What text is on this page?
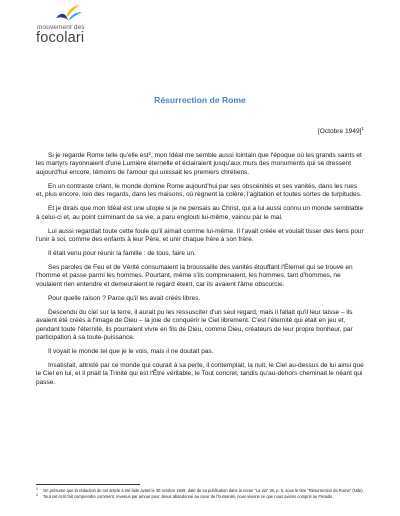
mouvement des
focolari
Résurrection de Rome
[Octobre 1949]$^1$

Si je regarde Rome telle qu'elle est$^2$, mon Idéal me semble aussi lointain que l'époque où les grands saints et les martyrs rayonnaient d'une Lumière éternelle et éclairaient jusqu'aux murs des monuments qui se dressent aujourd'hui encore, témoins de l'amour qui unissait les premiers chrétiens.

En un contraste criant, le monde domine Rome aujourd'hui par ses obscénités et ses vanités, dans les rues et, plus encore, loin des regards, dans les maisons, où règnent la colère, l'agitation et toutes sortes de turpitudes.

Et je dirais que mon Idéal est une utopie si je ne pensais au Christ, qui a lui aussi connu un monde semblable à celui-ci et, au point culminant de sa vie, a paru englouti lui-même, vaincu par le mal.

Lui aussi regardait toute cette foule qu'il aimait comme lui-même. Il l'avait créée et voulait tisser des liens pour l'unir à soi, comme des enfants à leur Père, et unir chaque frère à son frère.

Il était venu pour réunir la famille : de tous, faire un.

Ses paroles de Feu et de Vérité consumaient la broussaille des vanités étouffant l'Éternel qui se trouve en l'homme et passe parmi les hommes. Pourtant, même s'ils comprenaient, les hommes, tant d'hommes, ne voulaient rien entendre et demeuraient le regard éteint, car ils avaient l'âme obscurcie.

Pour quelle raison ? Parce qu'il les avait créés libres.

Descendu du ciel sur la terre, il aurait pu les ressusciter d'un seul regard, mais il fallait qu'il leur laisse – ils avaient été créés à l'image de Dieu – la joie de conquérir le Ciel librement. C'est l'éternité qui était en jeu et, pendant toute l'éternité, ils pourraient vivre en fils de Dieu, comme Dieu, créateurs de leur propre bonheur, par participation à sa toute-puissance.

Il voyait le monde tel que je le vois, mais il ne doutait pas.

Insatisfait, attristé par ce monde qui courait à sa perte, il contemplait, la nuit, le Ciel au-dessus de lui ainsi que le Ciel en lui, et il priait la Trinité qui est l'Être véritable, le Tout concret, tandis qu'au-dehors cheminait le néant qui passe.

1 On présume que la rédaction de cet article a été faite avant le 30 octobre 1949, date de sa publication dans la revue "La via" 36, p. 5, sous le titre "Résurrection de Rome" (Nde).
2 Tout cet écrit fait comprendre comment, revenus par amour pour Jésus abandonné au cœur de l'humanité, nous vivions ce que nous avions compris au Paradis.
